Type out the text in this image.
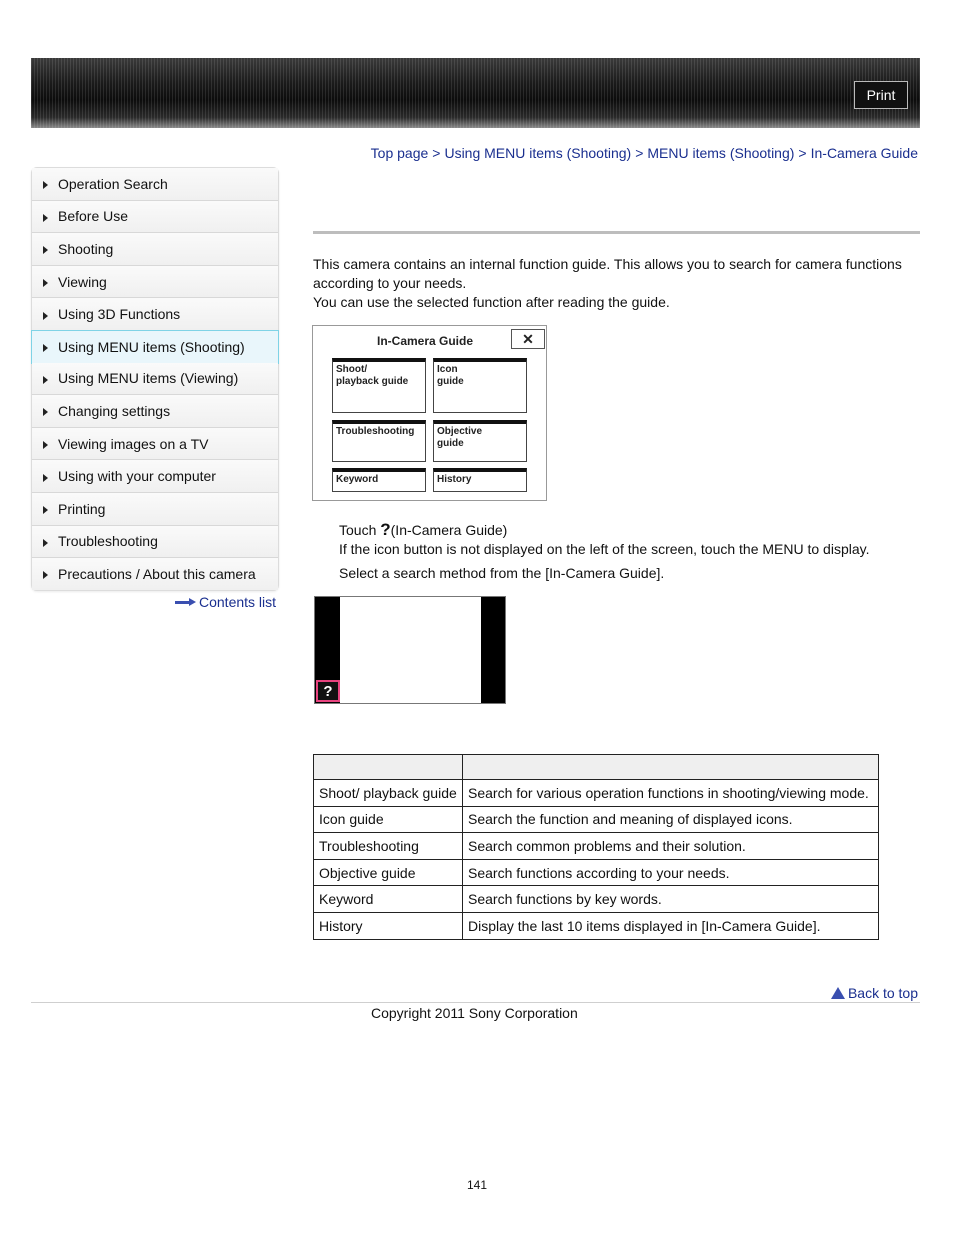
Print
Top page > Using MENU items (Shooting) > MENU items (Shooting) > In-Camera Guide
Operation Search
Before Use
Shooting
Viewing
Using 3D Functions
Using MENU items (Shooting)
Using MENU items (Viewing)
Changing settings
Viewing images on a TV
Using with your computer
Printing
Troubleshooting
Precautions / About this camera
Contents list

This camera contains an internal function guide. This allows you to search for camera functions according to your needs.

You can use the selected function after reading the guide.

In-Camera Guide	✕
Shoot/
playback guide
Icon
guide
Troubleshooting	Objective
guide
Keyword	History
Touch ?(In-Camera Guide)
If the icon button is not displayed on the left of the screen, touch the MENU to display.
Select a search method from the [In-Camera Guide].
?

Shoot/ playback guide	Search for various operation functions in shooting/viewing mode.
Icon guide	Search the function and meaning of displayed icons.
Troubleshooting	Search common problems and their solution.
Objective guide	Search functions according to your needs.
Keyword	Search functions by key words.
History	Display the last 10 items displayed in [In-Camera Guide].
Back to top
Copyright 2011 Sony Corporation
141
